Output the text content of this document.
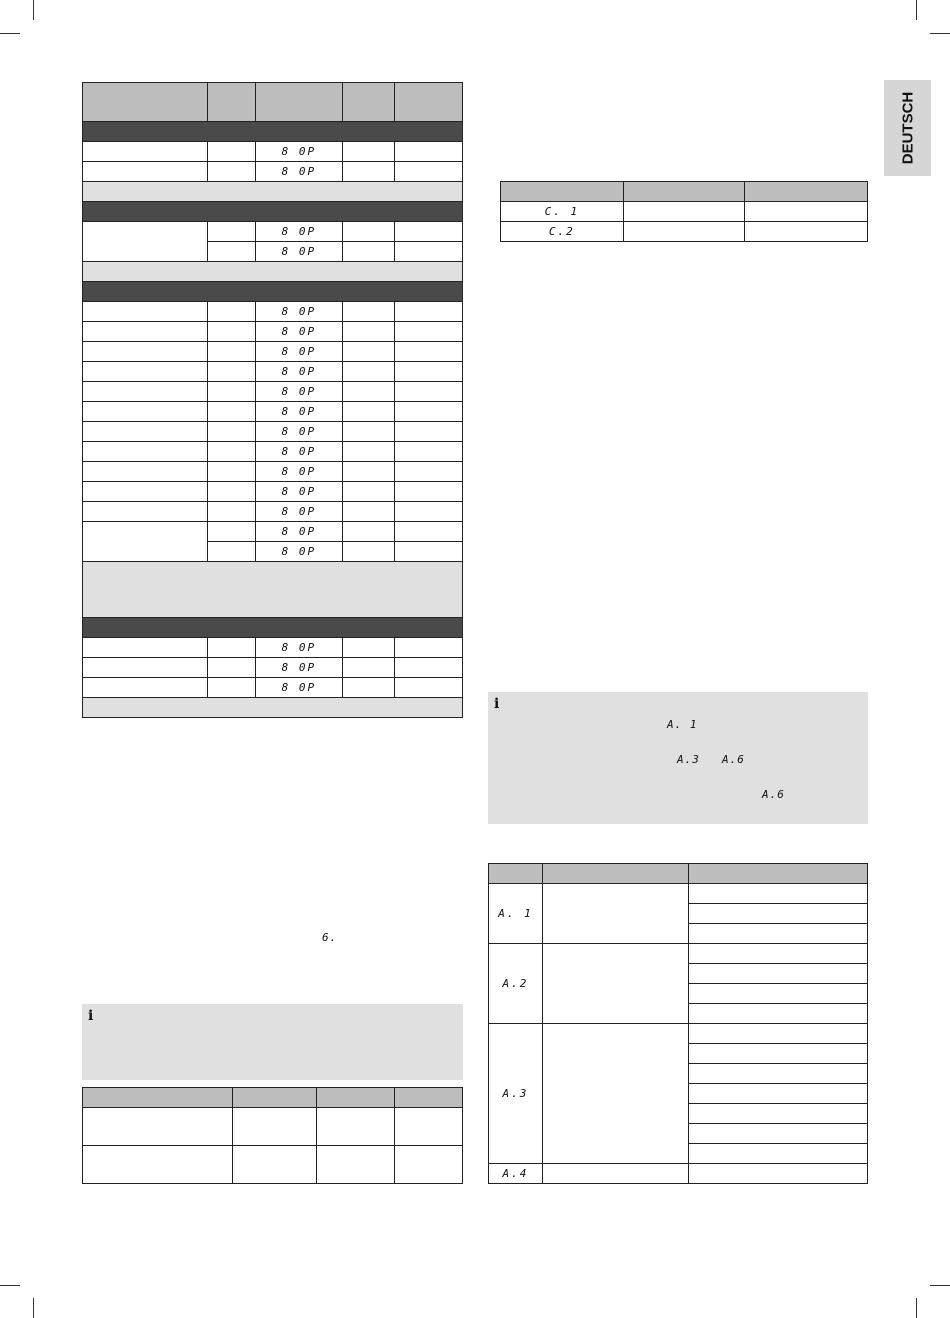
DEUTSCH

		8 0P		
		8 0P		

		8 0P		
		8 0P		

		8 0P		
		8 0P		
		8 0P		
		8 0P		
		8 0P		
		8 0P		
		8 0P		
		8 0P		
		8 0P		
		8 0P		
		8 0P		
		8 0P		
		8 0P		

		8 0P		
		8 0P		
		8 0P		

6.
i

C. 1		
C.2		
i
A. 1
A.3 A.6
A.6

A. 1		

A.2		

A.3		

A.4		
